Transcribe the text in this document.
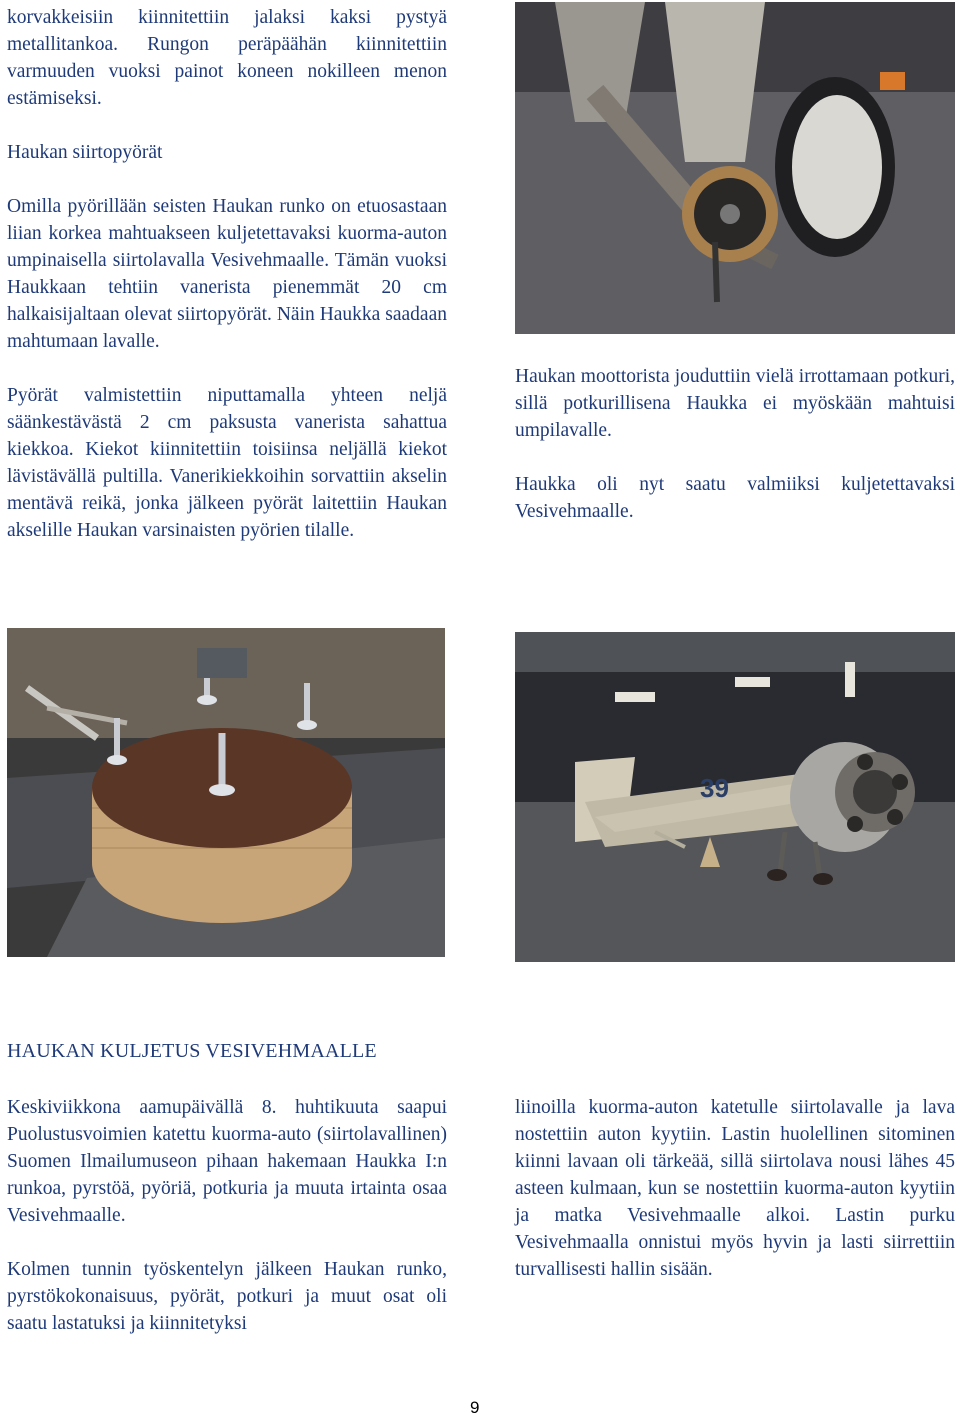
korvakkeisiin kiinnitettiin jalaksi kaksi pystyä metallitankoa. Rungon peräpäähän kiinnitettiin varmuuden vuoksi painot koneen nokilleen menon estämiseksi.

Haukan siirtopyörät

Omilla pyörillään seisten Haukan runko on etuosastaan liian korkea mahtuakseen kuljetettavaksi kuorma-auton umpinaisella siirtolavalla Vesivehmaalle. Tämän vuoksi Haukkaan tehtiin vanerista pienemmät 20 cm halkaisijaltaan olevat siirtopyörät. Näin Haukka saadaan mahtumaan lavalle.

Pyörät valmistettiin niputtamalla yhteen neljä säänkestävästä 2 cm paksusta vanerista sahattua kiekkoa. Kiekot kiinnitettiin toisiinsa neljällä kiekot lävistävällä pultilla. Vanerikiekkoihin sorvattiin akselin mentävä reikä, jonka jälkeen pyörät laitettiin Haukan akselille Haukan varsinaisten pyörien tilalle.

Haukan moottorista jouduttiin vielä irrottamaan potkuri, sillä potkurillisena Haukka ei myöskään mahtuisi umpilavalle.

Haukka oli nyt saatu valmiiksi kuljetettavaksi Vesivehmaalle.

39
HAUKAN KULJETUS VESIVEHMAALLE

Keskiviikkona aamupäivällä 8. huhtikuuta saapui Puolustusvoimien katettu kuorma-auto (siirtolavallinen) Suomen Ilmailumuseon pihaan hakemaan Haukka I:n runkoa, pyrstöä, pyöriä, potkuria ja muuta irtainta osaa Vesivehmaalle.

Kolmen tunnin työskentelyn jälkeen Haukan runko, pyrstökokonaisuus, pyörät, potkuri ja muut osat oli saatu lastatuksi ja kiinnitetyksi

liinoilla kuorma-auton katetulle siirtolavalle ja lava nostettiin auton kyytiin. Lastin huolellinen sitominen kiinni lavaan oli tärkeää, sillä siirtolava nousi lähes 45 asteen kulmaan, kun se nostettiin kuorma-auton kyytiin ja matka Vesivehmaalle alkoi. Lastin purku Vesivehmaalla onnistui myös hyvin ja lasti siirrettiin turvallisesti hallin sisään.

9
